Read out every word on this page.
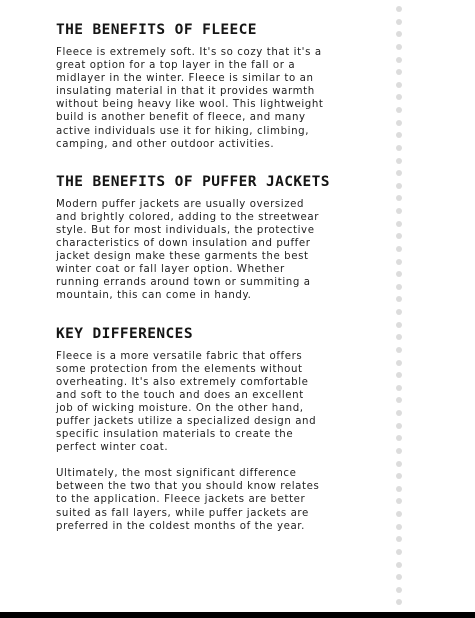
THE BENEFITS OF FLEECE

Fleece is extremely soft. It's so cozy that it's a great option for a top layer in the fall or a midlayer in the winter. Fleece is similar to an insulating material in that it provides warmth without being heavy like wool. This lightweight build is another benefit of fleece, and many active individuals use it for hiking, climbing, camping, and other outdoor activities.

THE BENEFITS OF PUFFER JACKETS

Modern puffer jackets are usually oversized and brightly colored, adding to the streetwear style. But for most individuals, the protective characteristics of down insulation and puffer jacket design make these garments the best winter coat or fall layer option. Whether running errands around town or summiting a mountain, this can come in handy.

KEY DIFFERENCES

Fleece is a more versatile fabric that offers some protection from the elements without overheating. It's also extremely comfortable and soft to the touch and does an excellent job of wicking moisture. On the other hand, puffer jackets utilize a specialized design and specific insulation materials to create the perfect winter coat.

Ultimately, the most significant difference between the two that you should know relates to the application. Fleece jackets are better suited as fall layers, while puffer jackets are preferred in the coldest months of the year.
